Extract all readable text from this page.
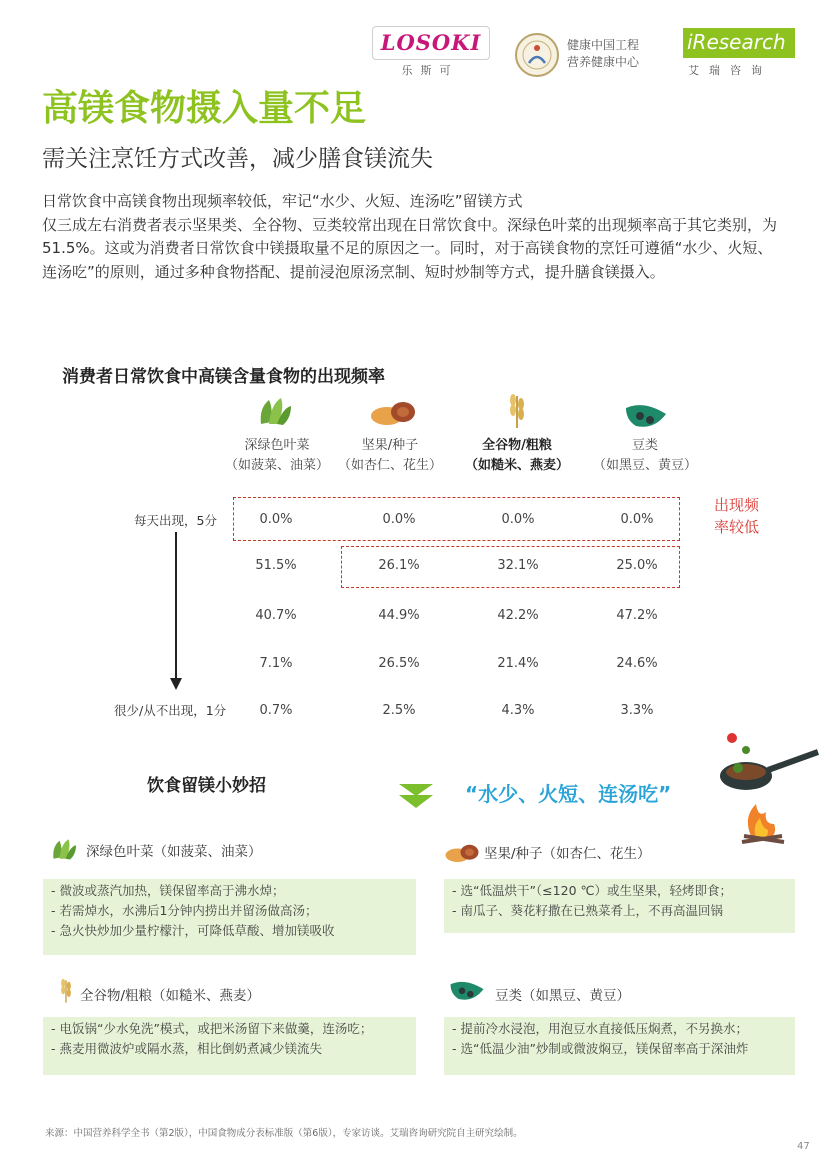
LOSOKI
乐斯可
健康中国工程
营养健康中心
iResearch
艾瑞咨询
高镁食物摄入量不足
需关注烹饪方式改善，减少膳食镁流失
日常饮食中高镁食物出现频率较低，牢记“水少、火短、连汤吃”留镁方式
仅三成左右消费者表示坚果类、全谷物、豆类较常出现在日常饮食中。深绿色叶菜的出现频率高于其它类别，为51.5%。这或为消费者日常饮食中镁摄取量不足的原因之一。同时，对于高镁食物的烹饪可遵循“水少、火短、连汤吃”的原则，通过多种食物搭配、提前浸泡原汤烹制、短时炒制等方式，提升膳食镁摄入。
消费者日常饮食中高镁含量食物的出现频率
深绿色叶菜
（如菠菜、油菜）
坚果/种子
（如杏仁、花生）
全谷物/粗粮
（如糙米、燕麦）
豆类
（如黑豆、黄豆）
出现频
率较低
每天出现，5分
很少/从不出现，1分
0.0%	0.0%	0.0%	0.0%
51.5%	26.1%	32.1%	25.0%
40.7%	44.9%	42.2%	47.2%
7.1%	26.5%	21.4%	24.6%
0.7%	2.5%	4.3%	3.3%
饮食留镁小妙招	“水少、火短、连汤吃”
深绿色叶菜（如菠菜、油菜）
- 微波或蒸汽加热，镁保留率高于沸水焯；
- 若需焯水，水沸后1分钟内捞出并留汤做高汤；
- 急火快炒加少量柠檬汁，可降低草酸、增加镁吸收
坚果/种子（如杏仁、花生）
- 选“低温烘干”（≤120 ℃）或生坚果，轻烤即食；
- 南瓜子、葵花籽撒在已熟菜肴上，不再高温回锅
全谷物/粗粮（如糙米、燕麦）
- 电饭锅“少水免洗”模式，或把米汤留下来做羹，连汤吃；
- 燕麦用微波炉或隔水蒸，相比倒奶煮减少镁流失
豆类（如黑豆、黄豆）
- 提前冷水浸泡，用泡豆水直接低压焖煮，不另换水；
- 选“低温少油”炒制或微波焖豆，镁保留率高于深油炸
来源：中国营养科学全书（第2版），中国食物成分表标准版（第6版），专家访谈。艾瑞咨询研究院自主研究绘制。
47
